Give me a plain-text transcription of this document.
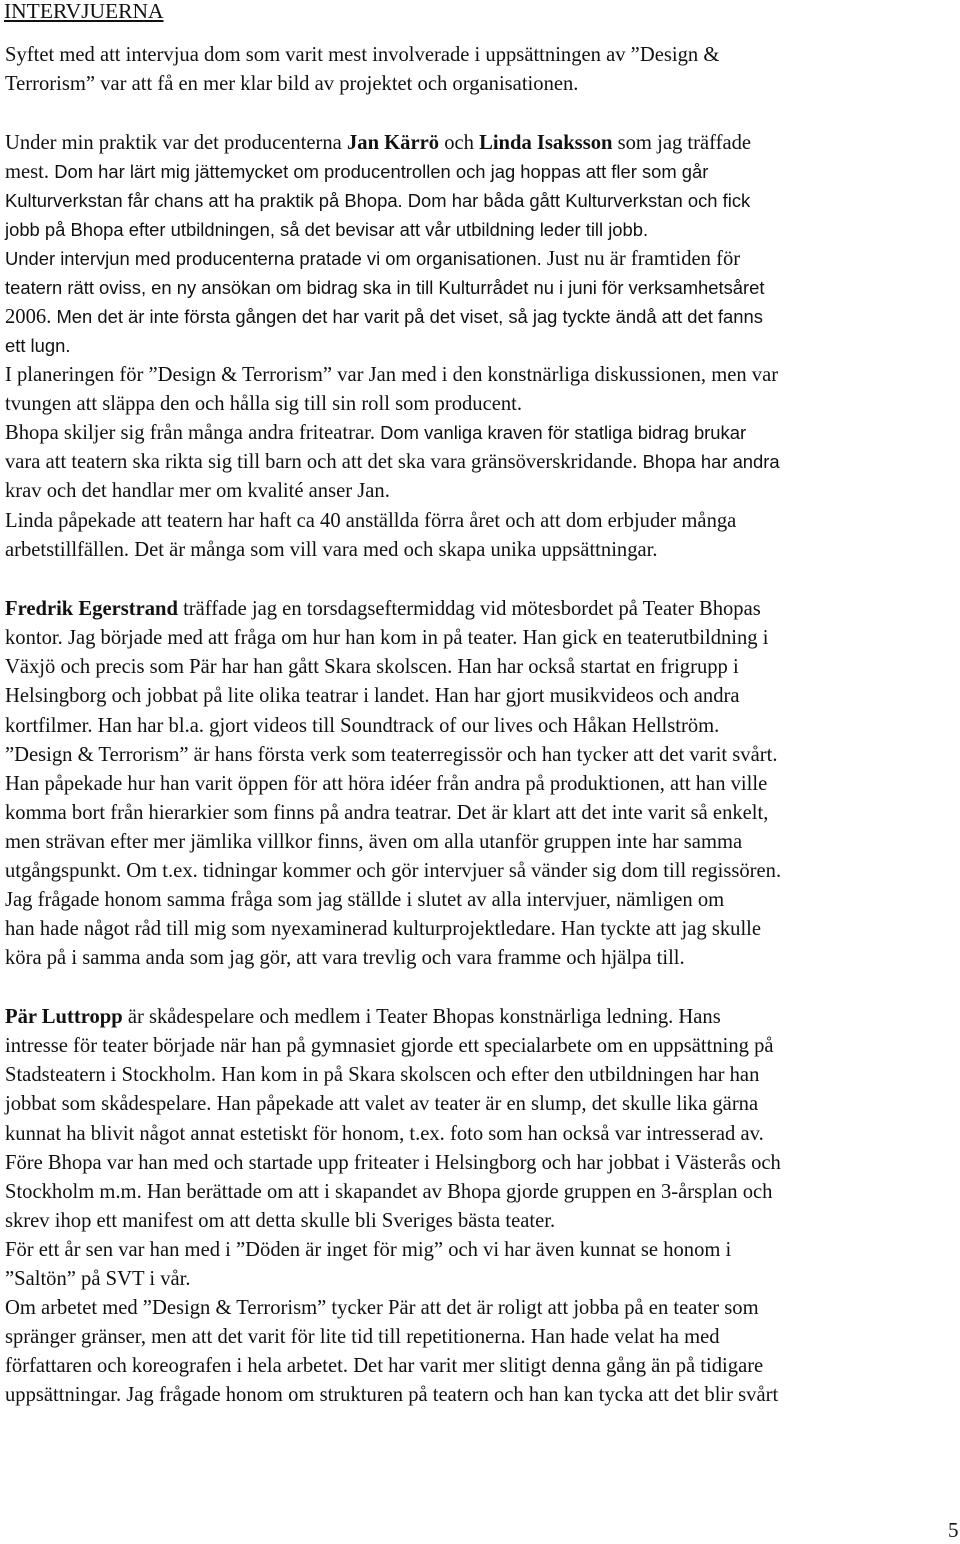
INTERVJUERNA

Syftet med att intervjua dom som varit mest involverade i uppsättningen av ”Design &

Terrorism” var att få en mer klar bild av projektet och organisationen.

Under min praktik var det producenterna Jan Kärrö och Linda Isaksson som jag träffade

mest. Dom har lärt mig jättemycket om producentrollen och jag hoppas att fler som går

Kulturverkstan får chans att ha praktik på Bhopa. Dom har båda gått Kulturverkstan och fick

jobb på Bhopa efter utbildningen, så det bevisar att vår utbildning leder till jobb.

Under intervjun med producenterna pratade vi om organisationen. Just nu är framtiden för

teatern rätt oviss, en ny ansökan om bidrag ska in till Kulturrådet nu i juni för verksamhetsåret

2006. Men det är inte första gången det har varit på det viset, så jag tyckte ändå att det fanns

ett lugn.

I planeringen för ”Design & Terrorism” var Jan med i den konstnärliga diskussionen, men var

tvungen att släppa den och hålla sig till sin roll som producent.

Bhopa skiljer sig från många andra friteatrar. Dom vanliga kraven för statliga bidrag brukar

vara att teatern ska rikta sig till barn och att det ska vara gränsöverskridande. Bhopa har andra

krav och det handlar mer om kvalité anser Jan.

Linda påpekade att teatern har haft ca 40 anställda förra året och att dom erbjuder många

arbetstillfällen. Det är många som vill vara med och skapa unika uppsättningar.

Fredrik Egerstrand träffade jag en torsdagseftermiddag vid mötesbordet på Teater Bhopas

kontor. Jag började med att fråga om hur han kom in på teater. Han gick en teaterutbildning i

Växjö och precis som Pär har han gått Skara skolscen. Han har också startat en frigrupp i

Helsingborg och jobbat på lite olika teatrar i landet. Han har gjort musikvideos och andra

kortfilmer. Han har bl.a. gjort videos till Soundtrack of our lives och Håkan Hellström.

”Design & Terrorism” är hans första verk som teaterregissör och han tycker att det varit svårt.

Han påpekade hur han varit öppen för att höra idéer från andra på produktionen, att han ville

komma bort från hierarkier som finns på andra teatrar. Det är klart att det inte varit så enkelt,

men strävan efter mer jämlika villkor finns, även om alla utanför gruppen inte har samma

utgångspunkt. Om t.ex. tidningar kommer och gör intervjuer så vänder sig dom till regissören.

Jag frågade honom samma fråga som jag ställde i slutet av alla intervjuer, nämligen om

han hade något råd till mig som nyexaminerad kulturprojektledare. Han tyckte att jag skulle

köra på i samma anda som jag gör, att vara trevlig och vara framme och hjälpa till.

Pär Luttropp är skådespelare och medlem i Teater Bhopas konstnärliga ledning. Hans

intresse för teater började när han på gymnasiet gjorde ett specialarbete om en uppsättning på

Stadsteatern i Stockholm. Han kom in på Skara skolscen och efter den utbildningen har han

jobbat som skådespelare. Han påpekade att valet av teater är en slump, det skulle lika gärna

kunnat ha blivit något annat estetiskt för honom, t.ex. foto som han också var intresserad av.

Före Bhopa var han med och startade upp friteater i Helsingborg och har jobbat i Västerås och

Stockholm m.m. Han berättade om att i skapandet av Bhopa gjorde gruppen en 3-årsplan och

skrev ihop ett manifest om att detta skulle bli Sveriges bästa teater.

För ett år sen var han med i ”Döden är inget för mig” och vi har även kunnat se honom i

”Saltön” på SVT i vår.

Om arbetet med ”Design & Terrorism” tycker Pär att det är roligt att jobba på en teater som

spränger gränser, men att det varit för lite tid till repetitionerna. Han hade velat ha med

författaren och koreografen i hela arbetet. Det har varit mer slitigt denna gång än på tidigare

uppsättningar. Jag frågade honom om strukturen på teatern och han kan tycka att det blir svårt

5
